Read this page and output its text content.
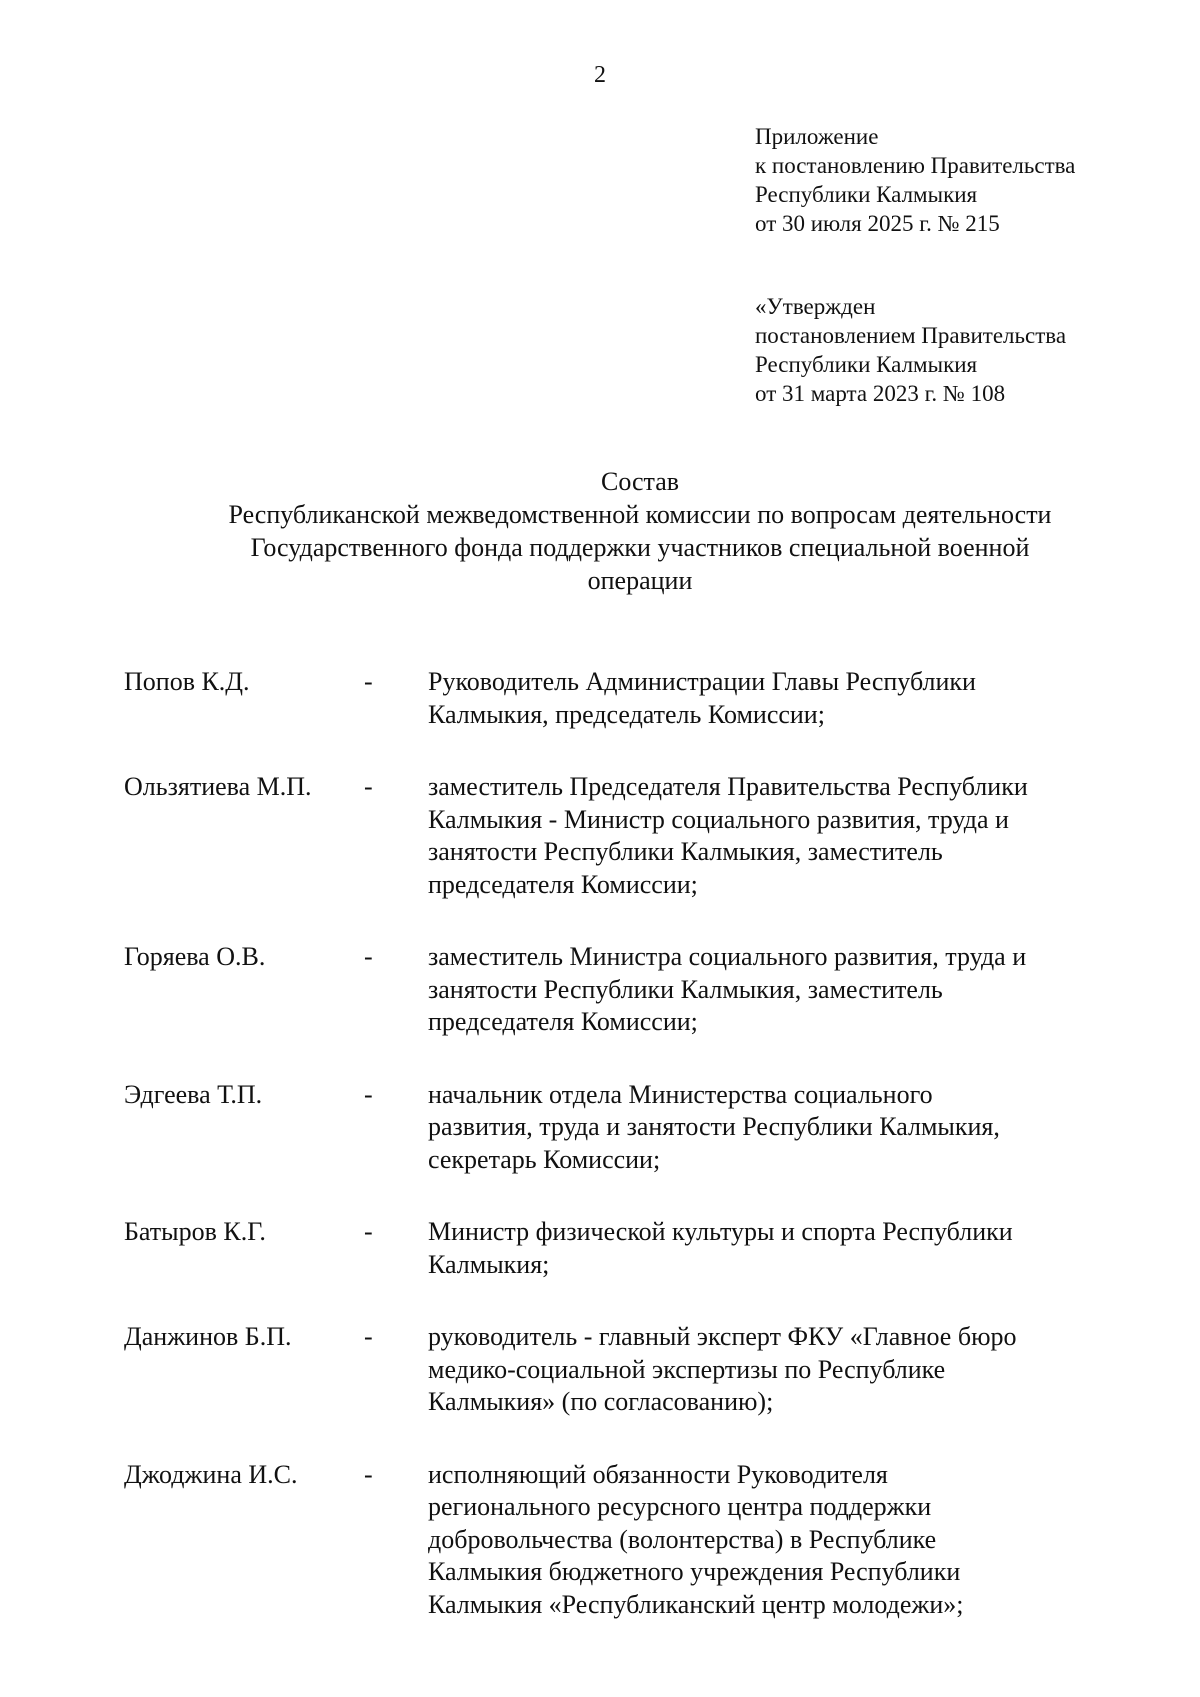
2
Приложение
к постановлению Правительства
Республики Калмыкия
от 30 июля 2025 г. № 215
«Утвержден
постановлением Правительства
Республики Калмыкия
от 31 марта 2023 г. № 108
Состав
Республиканской межведомственной комиссии по вопросам деятельности
Государственного фонда поддержки участников специальной военной
операции
Попов К.Д.	-	Руководитель Администрации Главы Республики
Калмыкия, председатель Комиссии;
Ользятиева М.П.	-	заместитель Председателя Правительства Республики
Калмыкия - Министр социального развития, труда и
занятости Республики Калмыкия, заместитель
председателя Комиссии;
Горяева О.В.	-	заместитель Министра социального развития, труда и
занятости Республики Калмыкия, заместитель
председателя Комиссии;
Эдгеева Т.П.	-	начальник отдела Министерства социального
развития, труда и занятости Республики Калмыкия,
секретарь Комиссии;
Батыров К.Г.	-	Министр физической культуры и спорта Республики
Калмыкия;
Данжинов Б.П.	-	руководитель - главный эксперт ФКУ «Главное бюро
медико-социальной экспертизы по Республике
Калмыкия» (по согласованию);
Джоджина И.С.	-	исполняющий обязанности Руководителя
регионального ресурсного центра поддержки
добровольчества (волонтерства) в Республике
Калмыкия бюджетного учреждения Республики
Калмыкия «Республиканский центр молодежи»;
